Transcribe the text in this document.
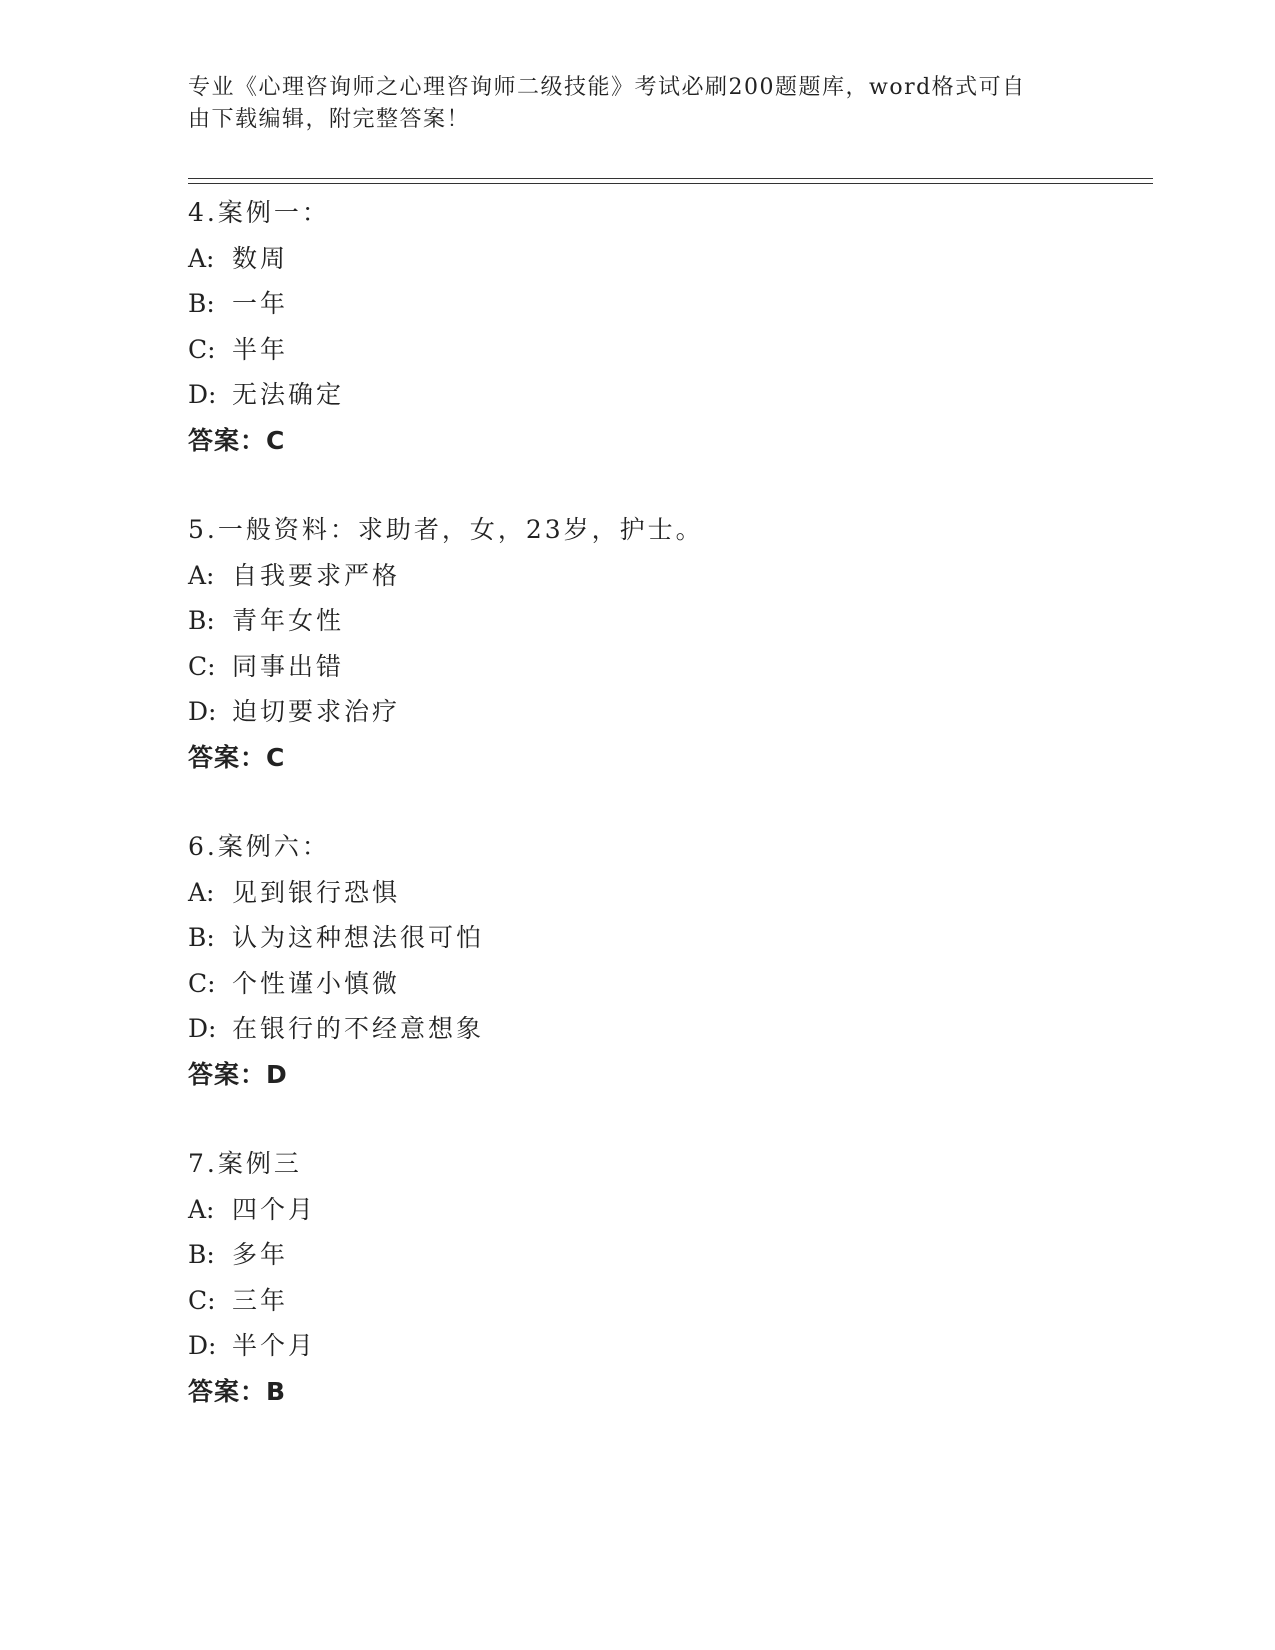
专业《心理咨询师之心理咨询师二级技能》考试必刷200题题库，word格式可自
由下载编辑，附完整答案！
4.案例一：
A: 数周
B: 一年
C: 半年
D: 无法确定
答案：C
5.一般资料：求助者，女，23岁，护士。
A: 自我要求严格
B: 青年女性
C: 同事出错
D: 迫切要求治疗
答案：C
6.案例六：
A: 见到银行恐惧
B: 认为这种想法很可怕
C: 个性谨小慎微
D: 在银行的不经意想象
答案：D
7.案例三
A: 四个月
B: 多年
C: 三年
D: 半个月
答案：B
